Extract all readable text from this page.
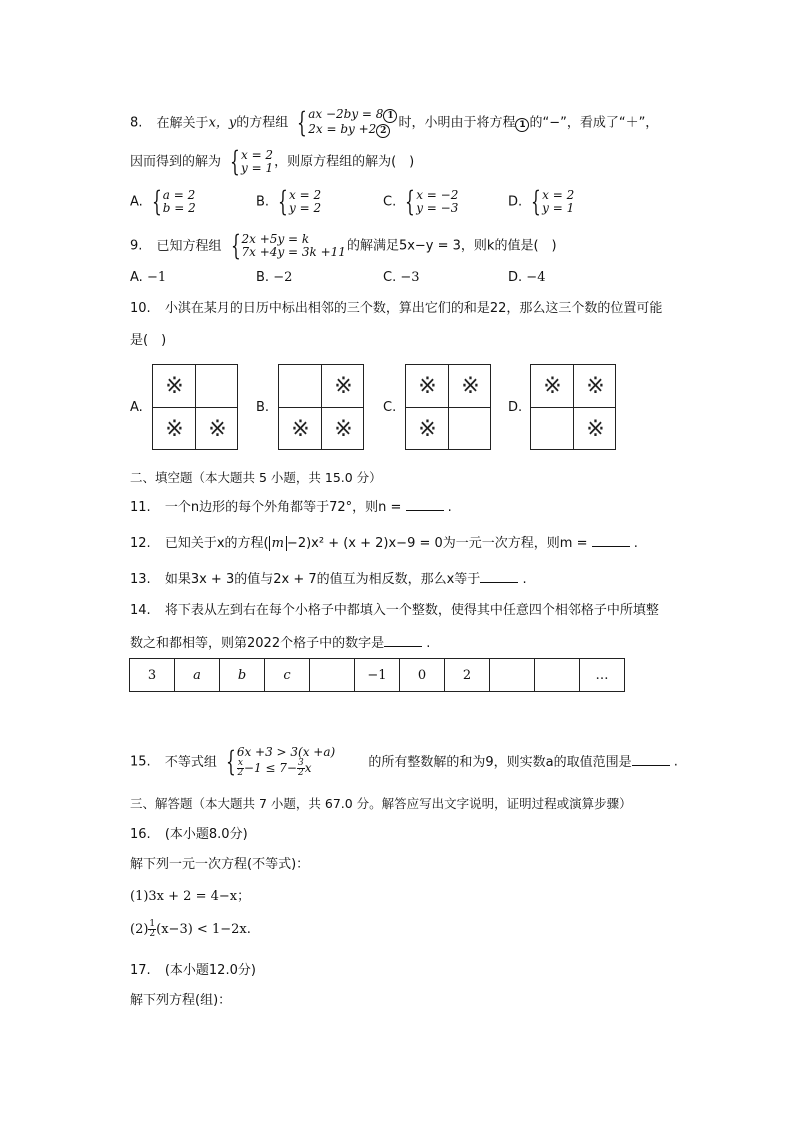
8. 在解关于x，y的方程组 { ax −2by = 8 1
2x = by +2 2
时，小明由于将方程 1 的“−”，看成了“＋”，
因而得到的解为 { x = 2
y = 1 ，则原方程组的解为(　)
A. { a = 2
b = 2	B. { x = 2
y = 2	C. { x = −2
y = −3	D. { x = 2
y = 1
9. 已知方程组 { 2x +5y = k
7x +4y = 3k +11 的解满足5x−y = 3，则k的值是(　)
A. −1	B. −2	C. −3	D. −4
10. 小淇在某月的日历中标出相邻的三个数，算出它们的和是22，那么这三个数的位置可能
是(　)
A.
※
※	※
B.
※
※	※
C.
※	※
※
D.
※	※
※
二、填空题（本大题共 5 小题，共 15.0 分）
11. 一个n边形的每个外角都等于72°，则n =	.
12. 已知关于x的方程( m −2)x² + (x + 2)x−9 = 0为一元一次方程，则m =	.
13. 如果3x + 3的值与2x + 7的值互为相反数，那么x等于	.
14. 将下表从左到右在每个小格子中都填入一个整数，使得其中任意四个相邻格子中所填整
数之和都相等，则第2022个格子中的数字是	.
3	a	b	c		−1	0	2			…
15. 不等式组 { 6x +3 > 3(x +a)
$\frac{x}{2} -1 \le 7- \frac{3}{2}$ x	的所有整数解的和为9，则实数a的取值范围是	.
三、解答题（本大题共 7 小题，共 67.0 分。解答应写出文字说明，证明过程或演算步骤）
16. (本小题8.0分)
解下列一元一次方程(不等式)：
(1)3x + 2 = 4−x；
$(2) \frac{1}{2} (x-3) < 1-2x$.
17. (本小题12.0分)
解下列方程(组)：
